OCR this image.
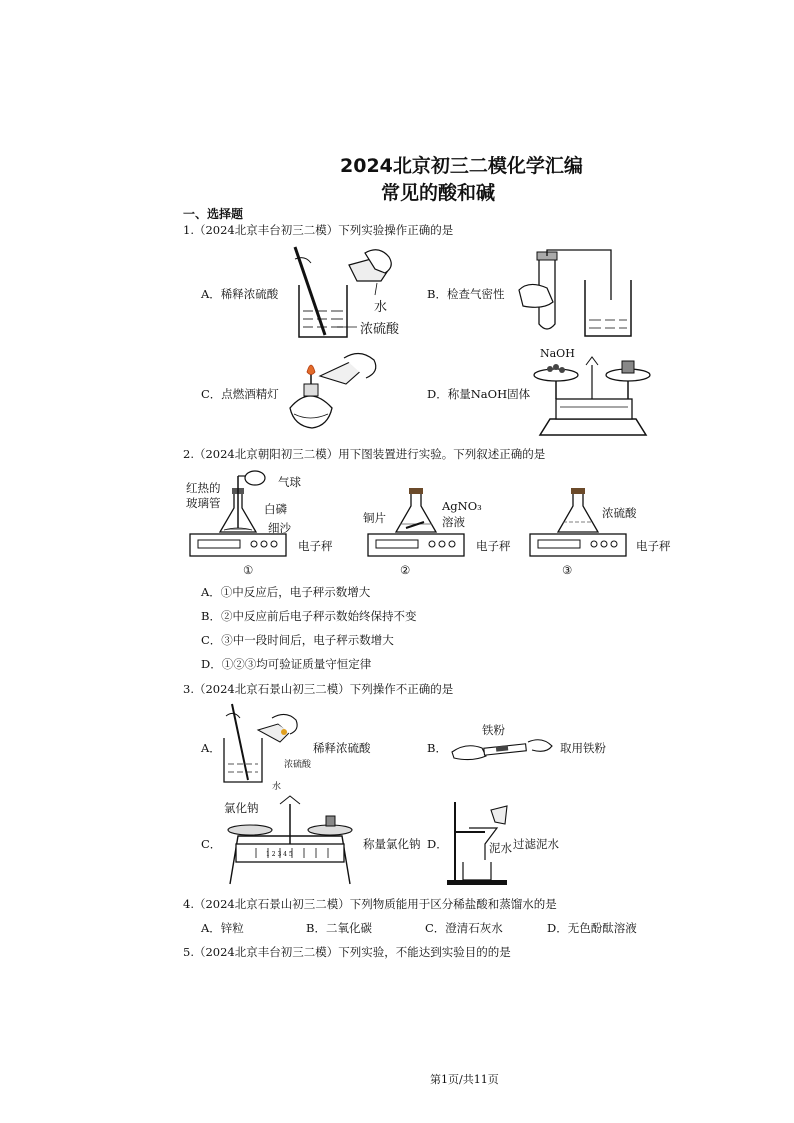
2024北京初三二模化学汇编
常见的酸和碱
一、选择题
1.（2024北京丰台初三二模）下列实验操作正确的是
A．稀释浓硫酸	B．检查气密性
C．点燃酒精灯	D．称量NaOH固体
水
浓硫酸
NaOH
2.（2024北京朝阳初三二模）用下图装置进行实验。下列叙述正确的是
红热的
玻璃管
气球
白磷
细沙
电子秤
①
铜片
AgNO₃
溶液
电子秤
②
浓硫酸
电子秤
③
A．①中反应后，电子秤示数增大
B．②中反应前后电子秤示数始终保持不变
C．③中一段时间后，电子秤示数增大
D．①②③均可验证质量守恒定律
3.（2024北京石景山初三二模）下列操作不正确的是
A．	稀释浓硫酸
浓硫酸
水
B．
铁粉
取用铁粉
C．
1 2 3 4 5
氯化钠
称量氯化钠 D．	泥水 过滤泥水
4.（2024北京石景山初三二模）下列物质能用于区分稀盐酸和蒸馏水的是
A．锌粒	B．二氧化碳	C．澄清石灰水	D．无色酚酞溶液
5.（2024北京丰台初三二模）下列实验，不能达到实验目的的是
第1页/共11页
